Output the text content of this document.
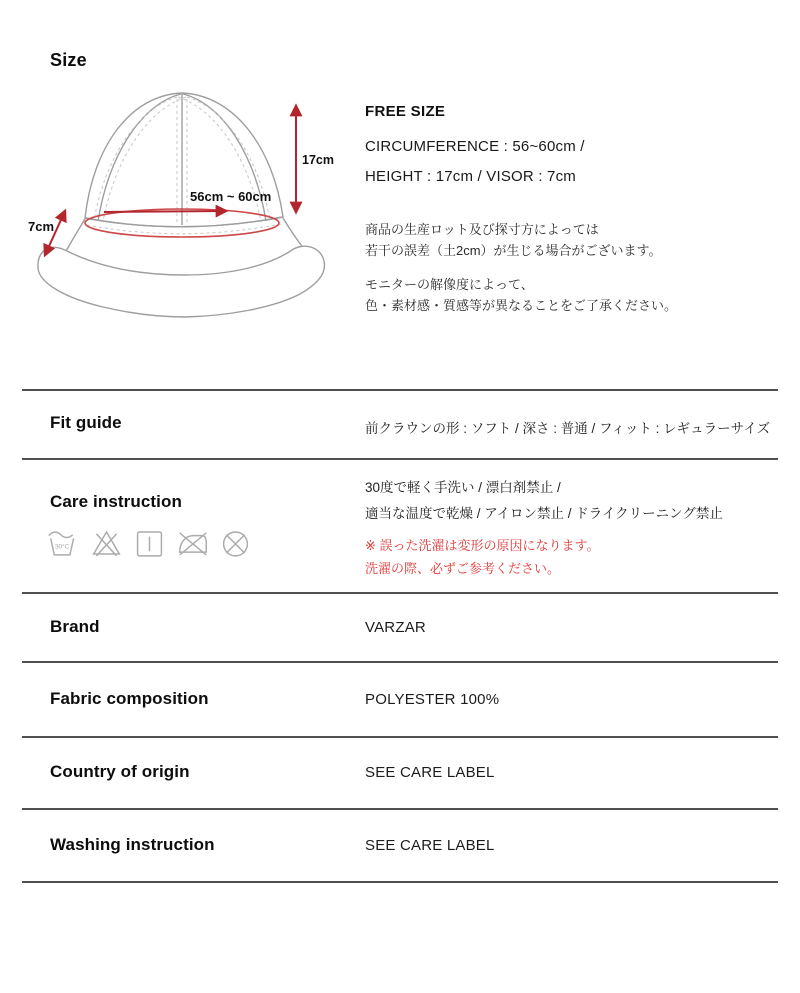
Size
17cm
56cm ~ 60cm
7cm
FREE SIZE
CIRCUMFERENCE : 56~60cm /
HEIGHT : 17cm / VISOR : 7cm
商品の生産ロット及び探寸方によっては
若干の誤差（土2cm）が生じる場合がございます。
モニターの解像度によって、
色・素材感・質感等が異なることをご了承ください。
Fit guide	前クラウンの形 : ソフト / 深さ : 普通 / フィット : レギュラーサイズ
Care instruction
30°C
30度で軽く手洗い / 漂白剤禁止 /
適当な温度で乾燥 / アイロン禁止 / ドライクリーニング禁止
※ 誤った洗濯は変形の原因になります。
洗濯の際、必ずご参考ください。
Brand	VARZAR
Fabric composition	POLYESTER 100%
Country of origin	SEE CARE LABEL
Washing instruction	SEE CARE LABEL
